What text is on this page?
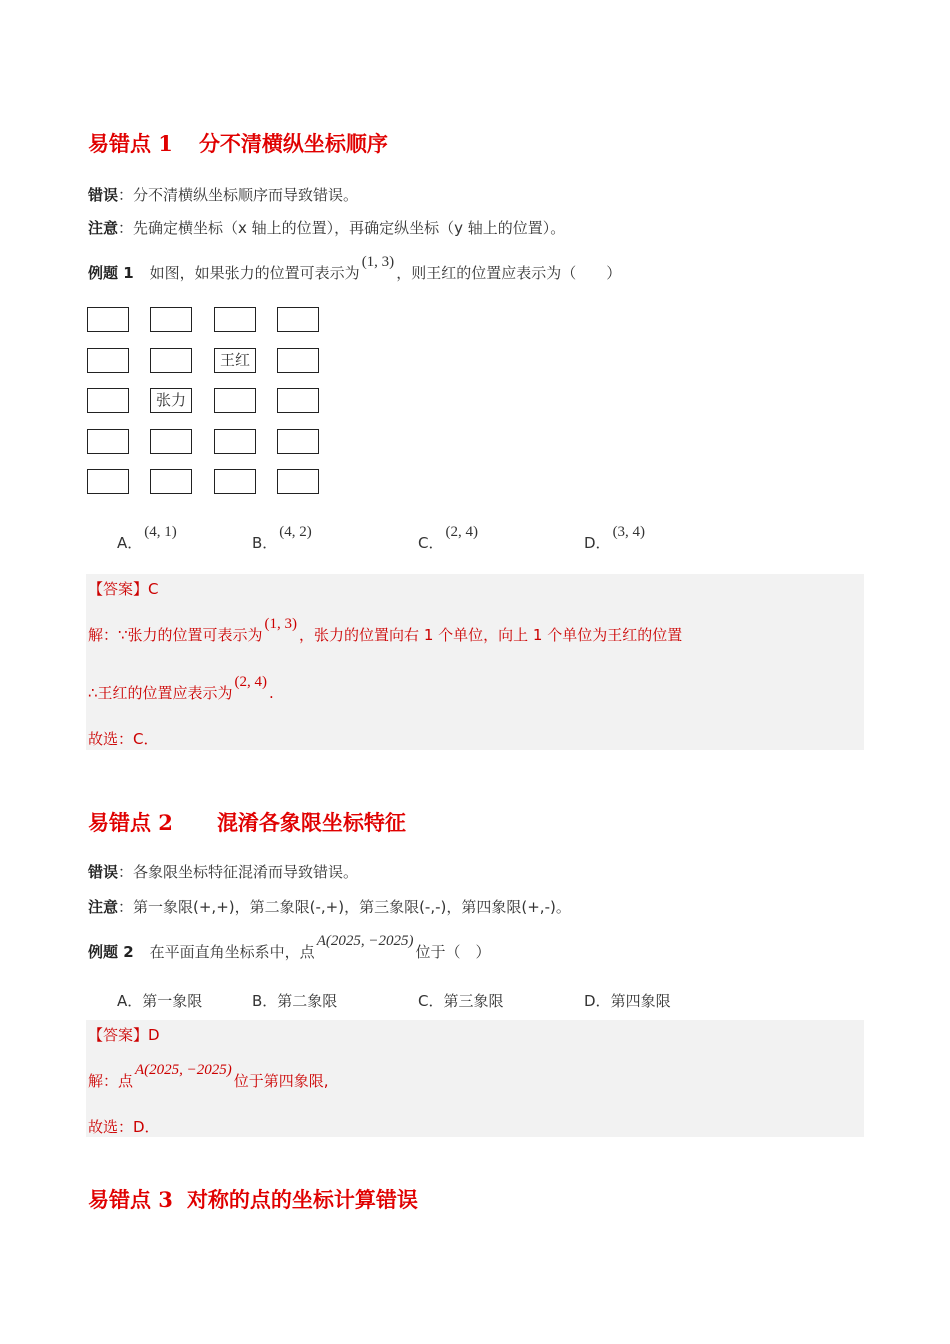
易错点 1 分不清横纵坐标顺序
错误：分不清横纵坐标顺序而导致错误。
注意：先确定横坐标（x 轴上的位置），再确定纵坐标（y 轴上的位置）。
例题 1 如图，如果张力的位置可表示为(1, 3)，则王红的位置应表示为（　　）
王红
张力
A．(4, 1)
B．(4, 2)
C．(2, 4)
D．(3, 4)
【答案】C
解：∵张力的位置可表示为(1, 3)，张力的位置向右 1 个单位，向上 1 个单位为王红的位置
∴王红的位置应表示为(2, 4).
故选：C．
易错点 2 混淆各象限坐标特征
错误：各象限坐标特征混淆而导致错误。
注意：第一象限(+,+)，第二象限(-,+)，第三象限(-,-)，第四象限(+,-)。
例题 2 在平面直角坐标系中，点A(2025, −2025)位于（　）
A．第一象限	B．第二象限	C．第三象限	D．第四象限
【答案】D
解：点A(2025, −2025)位于第四象限,
故选：D．
易错点 3 对称的点的坐标计算错误
